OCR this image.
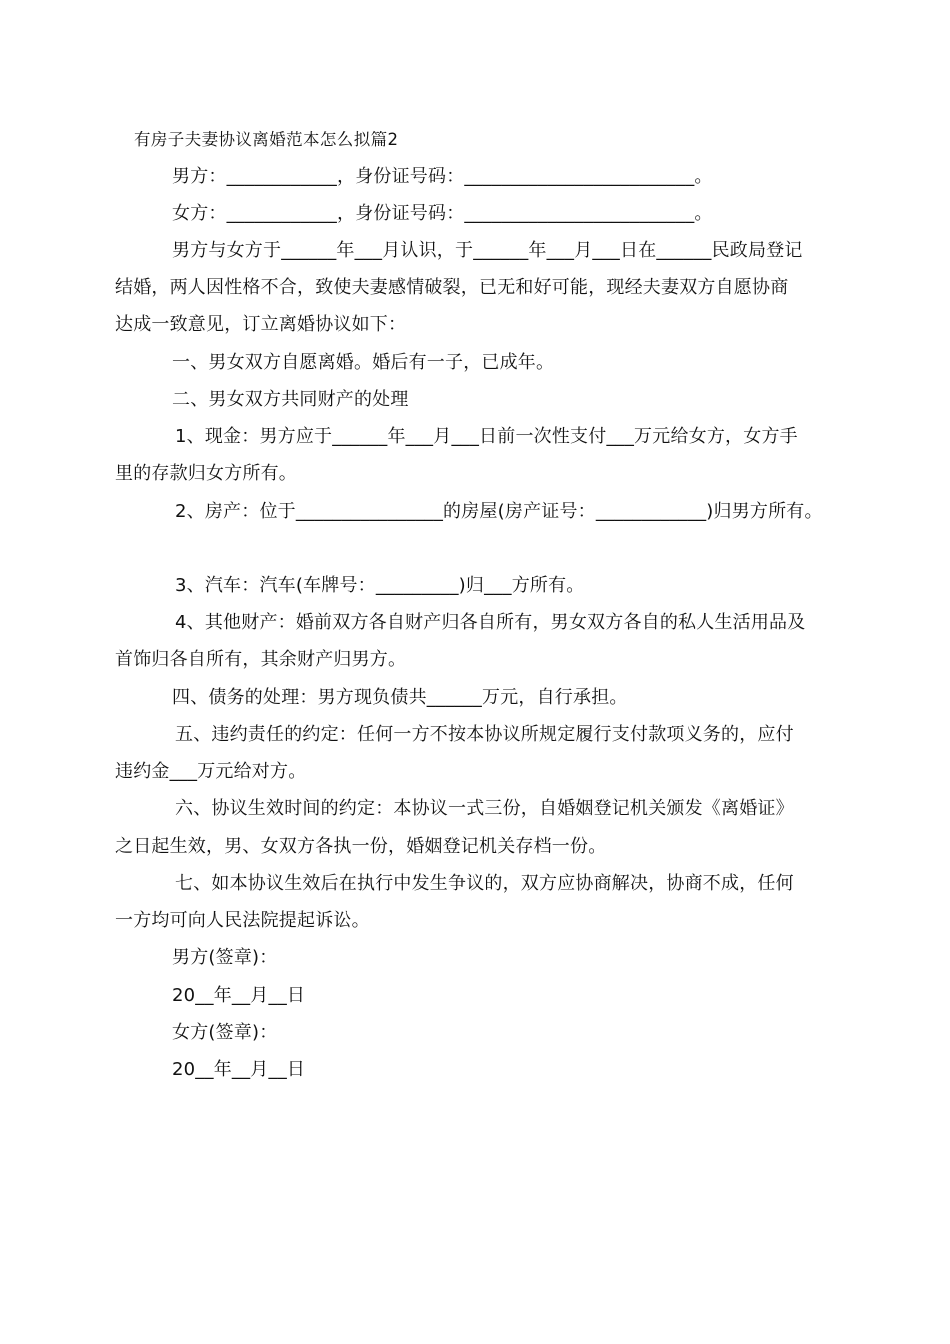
有房子夫妻协议离婚范本怎么拟篇2
男方：____________，身份证号码：_________________________。
女方：____________，身份证号码：_________________________。
男方与女方于______年___月认识，于______年___月___日在______民政局登记
结婚，两人因性格不合，致使夫妻感情破裂，已无和好可能，现经夫妻双方自愿协商
达成一致意见，订立离婚协议如下：
一、男女双方自愿离婚。婚后有一子，已成年。
二、男女双方共同财产的处理
1、现金：男方应于______年___月___日前一次性支付___万元给女方，女方手
里的存款归女方所有。
2、房产：位于________________的房屋(房产证号：____________)归男方所有。
3、汽车：汽车(车牌号：_________)归___方所有。
4、其他财产：婚前双方各自财产归各自所有，男女双方各自的私人生活用品及
首饰归各自所有，其余财产归男方。
四、债务的处理：男方现负债共______万元，自行承担。
五、违约责任的约定：任何一方不按本协议所规定履行支付款项义务的，应付
违约金___万元给对方。
六、协议生效时间的约定：本协议一式三份，自婚姻登记机关颁发《离婚证》
之日起生效，男、女双方各执一份，婚姻登记机关存档一份。
七、如本协议生效后在执行中发生争议的，双方应协商解决，协商不成，任何
一方均可向人民法院提起诉讼。
男方(签章)：
20__年__月__日
女方(签章)：
20__年__月__日
